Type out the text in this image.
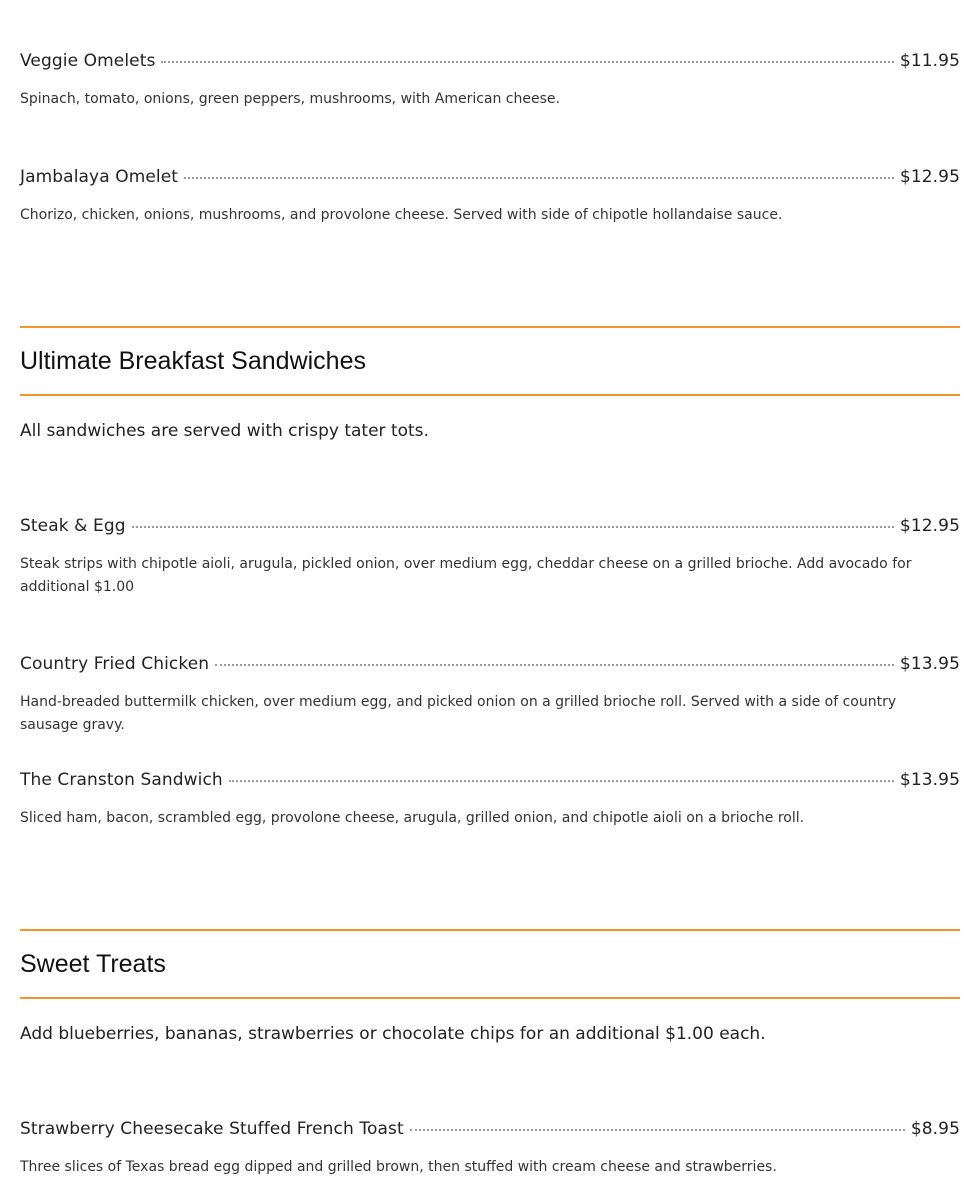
Veggie Omelets	$11.95
Spinach, tomato, onions, green peppers, mushrooms, with American cheese.
Jambalaya Omelet	$12.95
Chorizo, chicken, onions, mushrooms, and provolone cheese. Served with side of chipotle hollandaise sauce.
Ultimate Breakfast Sandwiches
All sandwiches are served with crispy tater tots.
Steak & Egg	$12.95
Steak strips with chipotle aioli, arugula, pickled onion, over medium egg, cheddar cheese on a grilled brioche. Add avocado for additional $1.00
Country Fried Chicken	$13.95
Hand-breaded buttermilk chicken, over medium egg, and picked onion on a grilled brioche roll. Served with a side of country sausage gravy.
The Cranston Sandwich	$13.95
Sliced ham, bacon, scrambled egg, provolone cheese, arugula, grilled onion, and chipotle aioli on a brioche roll.
Sweet Treats
Add blueberries, bananas, strawberries or chocolate chips for an additional $1.00 each.
Strawberry Cheesecake Stuffed French Toast	$8.95
Three slices of Texas bread egg dipped and grilled brown, then stuffed with cream cheese and strawberries.
